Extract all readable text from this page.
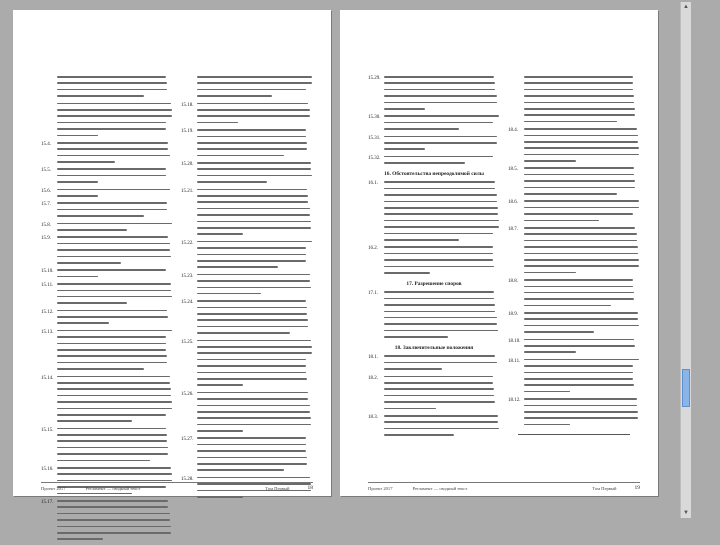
15.4.
15.5.
15.6.
15.7.
15.8.
15.9.
15.10.
15.11.
15.12.
15.13.
15.14.
15.15.
15.16.
15.17.
15.18.
15.19.
15.20.
15.21.
15.22.
15.23.
15.24.
15.25.
15.26.
15.27.
15.28.
Проект 2017	Регламент — сводный текст	Том Первый	18
15.29.
15.30.
15.31.
15.32.
16. Обстоятельства непреодолимой силы
16.1.
16.2.
17. Разрешение споров
17.1.
18. Заключительные положения
18.1.
18.2.
18.3.
18.4.
18.5.
18.6.
18.7.
18.8.
18.9.
18.10.
18.11.
18.12.
Проект 2017	Регламент — сводный текст	Том Первый	19
▲
▼
